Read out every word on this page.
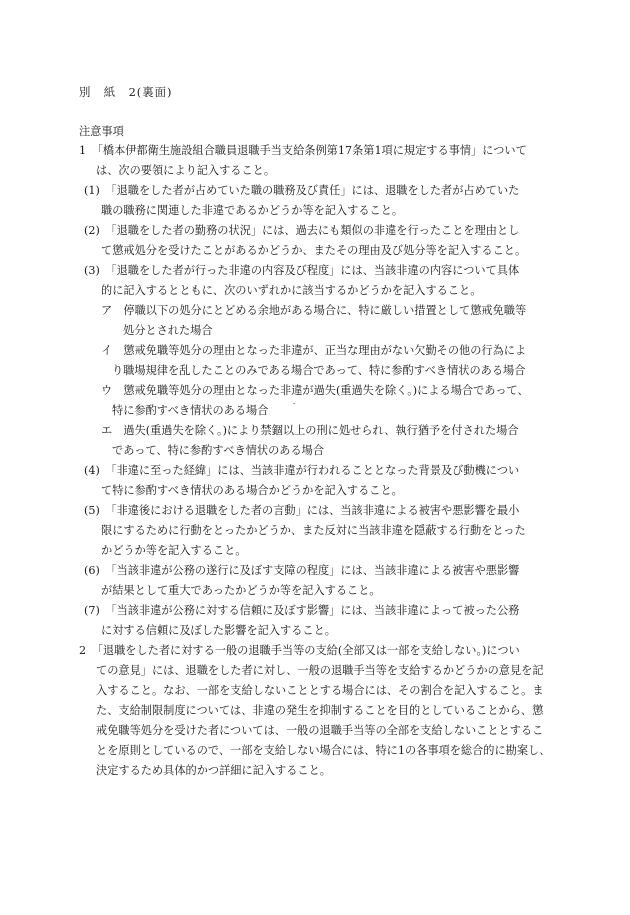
別　紙　2(裏面)
注意事項
1　「橋本伊都衛生施設組合職員退職手当支給条例第17条第1項に規定する事情」について
は、次の要領により記入すること。
(1)　「退職をした者が占めていた職の職務及び責任」には、退職をした者が占めていた
職の職務に関連した非違であるかどうか等を記入すること。
(2)　「退職をした者の勤務の状況」には、過去にも類似の非違を行ったことを理由とし
て懲戒処分を受けたことがあるかどうか、またその理由及び処分等を記入すること。
(3)　「退職をした者が行った非違の内容及び程度」には、当該非違の内容について具体
的に記入するとともに、次のいずれかに該当するかどうかを記入すること。
ア　停職以下の処分にとどめる余地がある場合に、特に厳しい措置として懲戒免職等
処分とされた場合
イ　懲戒免職等処分の理由となった非違が、正当な理由がない欠勤その他の行為によ
り職場規律を乱したことのみである場合であって、特に参酌すべき情状のある場合
ウ　懲戒免職等処分の理由となった非違が過失(重過失を除く。)による場合であって、
特に参酌すべき情状のある場合
エ　過失(重過失を除く。)により禁錮以上の刑に処せられ、執行猶予を付された場合
であって、特に参酌すべき情状のある場合
(4)　「非違に至った経緯」には、当該非違が行われることとなった背景及び動機につい
て特に参酌すべき情状のある場合かどうかを記入すること。
(5)　「非違後における退職をした者の言動」には、当該非違による被害や悪影響を最小
限にするために行動をとったかどうか、また反対に当該非違を隠蔽する行動をとった
かどうか等を記入すること。
(6)　「当該非違が公務の遂行に及ぼす支障の程度」には、当該非違による被害や悪影響
が結果として重大であったかどうか等を記入すること。
(7)　「当該非違が公務に対する信頼に及ぼす影響」には、当該非違によって被った公務
に対する信頼に及ぼした影響を記入すること。
2　「退職をした者に対する一般の退職手当等の支給(全部又は一部を支給しない。)につい
ての意見」には、退職をした者に対し、一般の退職手当等を支給するかどうかの意見を記
入すること。なお、一部を支給しないこととする場合には、その割合を記入すること。ま
た、支給制限制度については、非違の発生を抑制することを目的としていることから、懲
戒免職等処分を受けた者については、一般の退職手当等の全部を支給しないこととするこ
とを原則としているので、一部を支給しない場合には、特に1の各事項を総合的に勘案し、
決定するため具体的かつ詳細に記入すること。
-
